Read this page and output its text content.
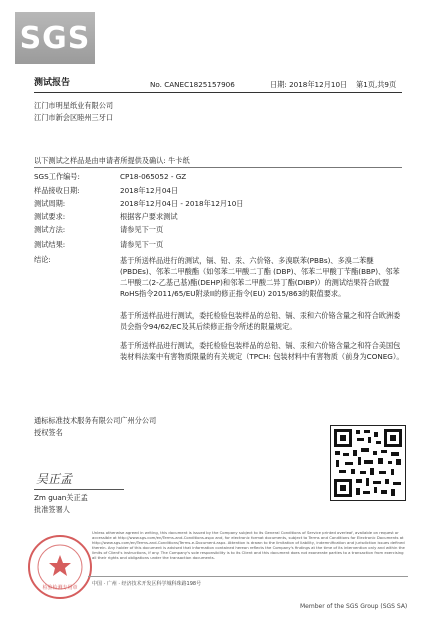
SGS
测试报告	No. CANEC1825157906	日期: 2018年12月10日 第1页,共9页
江门市明星纸业有限公司
江门市新会区睦州三牙口
以下测试之样品是由申请者所提供及确认: 牛卡纸
SGS工作编号:	CP18-065052 - GZ
样品接收日期:	2018年12月04日
测试周期:	2018年12月04日 - 2018年12月10日
测试要求:	根据客户要求测试
测试方法:	请参见下一页
测试结果:	请参见下一页
结论:	基于所送样品进行的测试，镉、铅、汞、六价铬、多溴联苯(PBBs)、多溴二苯醚(PBDEs)、邻苯二甲酸酯（如邻苯二甲酸二丁酯 (DBP)、邻苯二甲酸丁苄酯(BBP)、邻苯二甲酸二(2-乙基己基)酯(DEHP)和邻苯二甲酸二异丁酯(DIBP)）的测试结果符合欧盟RoHS指令2011/65/EU附录II的修正指令(EU) 2015/863的限值要求。
基于所送样品进行测试，委托检验包装样品的总铅、镉、汞和六价铬含量之和符合欧洲委员会指令94/62/EC及其后续修正指令所述的限量规定。
基于所送样品进行测试，委托检验包装样品的总铅、镉、汞和六价铬含量之和符合美国包装材料法案中有害物质限量的有关规定（TPCH: 包装材料中有害物质（前身为CONEG）。
通标标准技术服务有限公司广州分公司
授权签名
吴正孟
Zm guan关正孟
批准签署人
检验检测专用章
Unless otherwise agreed in writing, this document is issued by the Company subject to its General Conditions of Service printed overleaf, available on request or accessible at http://www.sgs.com/en/Terms-and-Conditions.aspx and, for electronic format documents, subject to Terms and Conditions for Electronic Documents at http://www.sgs.com/en/Terms-and-Conditions/Terms-e-Document.aspx. Attention is drawn to the limitation of liability, indemnification and jurisdiction issues defined therein. Any holder of this document is advised that information contained hereon reflects the Company's findings at the time of its intervention only and within the limits of Client's instructions, if any. The Company's sole responsibility is to its Client and this document does not exonerate parties to a transaction from exercising all their rights and obligations under the transaction documents.
中国 · 广州 · 经济技术开发区科学城科珠路198号
Member of the SGS Group (SGS SA)
